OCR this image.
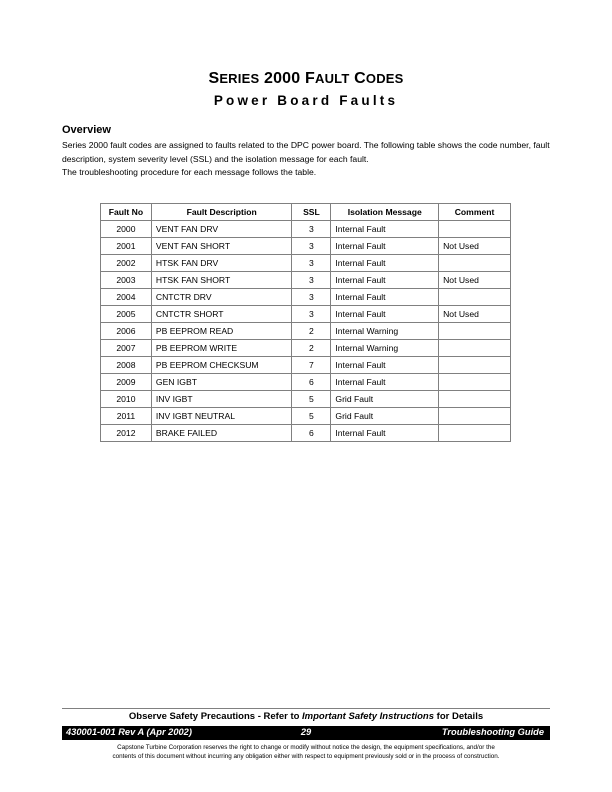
SERIES 2000 FAULT CODES
Power Board Faults
Overview

Series 2000 fault codes are assigned to faults related to the DPC power board. The following table shows the code number, fault description, system severity level (SSL) and the isolation message for each fault.

The troubleshooting procedure for each message follows the table.

Fault No	Fault Description	SSL	Isolation Message	Comment
2000	VENT FAN DRV	3	Internal Fault	
2001	VENT FAN SHORT	3	Internal Fault	Not Used
2002	HTSK FAN DRV	3	Internal Fault	
2003	HTSK FAN SHORT	3	Internal Fault	Not Used
2004	CNTCTR DRV	3	Internal Fault	
2005	CNTCTR SHORT	3	Internal Fault	Not Used
2006	PB EEPROM READ	2	Internal Warning	
2007	PB EEPROM WRITE	2	Internal Warning	
2008	PB EEPROM CHECKSUM	7	Internal Fault	
2009	GEN IGBT	6	Internal Fault	
2010	INV IGBT	5	Grid Fault	
2011	INV IGBT NEUTRAL	5	Grid Fault	
2012	BRAKE FAILED	6	Internal Fault	
Observe Safety Precautions - Refer to Important Safety Instructions for Details
29
430001-001 Rev A (Apr 2002)	Troubleshooting Guide

Capstone Turbine Corporation reserves the right to change or modify without notice the design, the equipment specifications, and/or the

contents of this document without incurring any obligation either with respect to equipment previously sold or in the process of construction.
